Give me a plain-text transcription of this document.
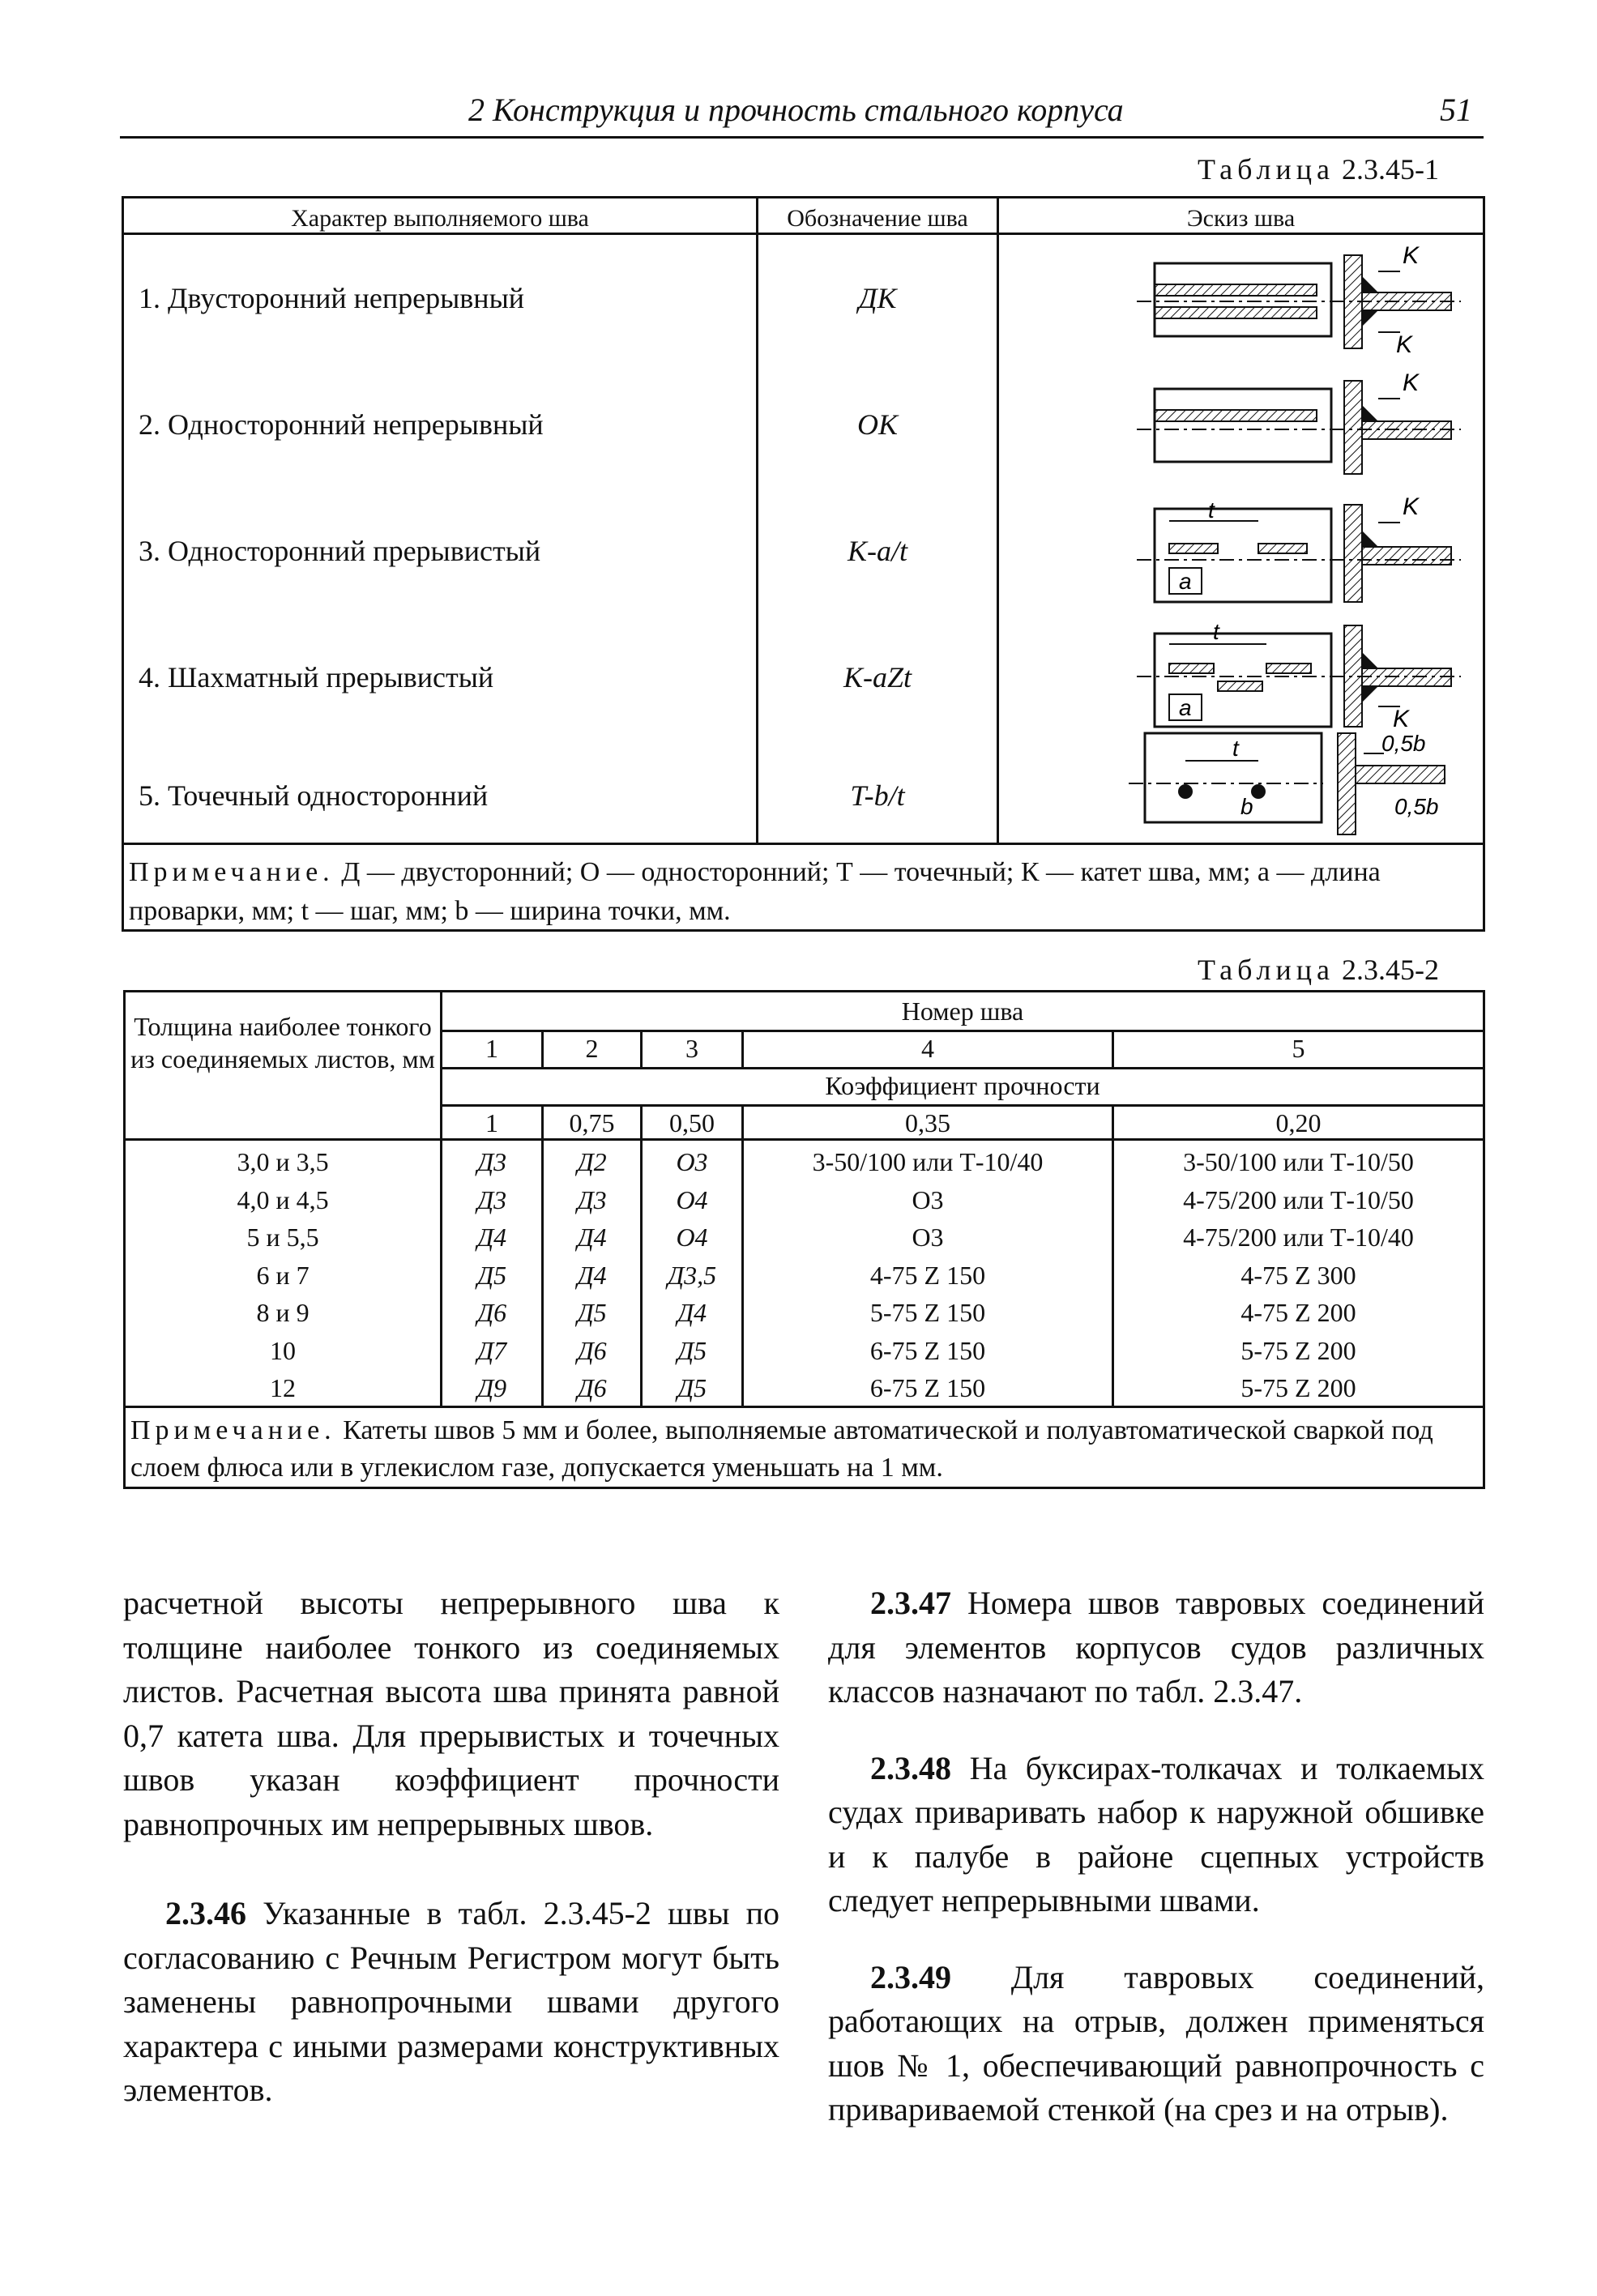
2 Конструкция и прочность стального корпуса	51
Таблица 2.3.45-1
Характер выполняемого шва	Обозначение шва	Эскиз шва
1. Двусторонний непрерывный	ДК
2. Односторонний непрерывный	ОК
3. Односторонний прерывистый	K-a/t
4. Шахматный прерывистый	K-aZt
5. Точечный односторонний	T-b/t
K
K
K
t
a
K
t
a	K
t
b
0,5b
0,5b
Примечание. Д — двусторонний; О — односторонний; Т — точечный; К — катет шва, мм; a — длина проварки, мм; t — шаг, мм; b — ширина точки, мм.
Таблица 2.3.45-2
Толщина наиболее тонкого из соединяемых листов, мм
Номер шва
1	2	3	4	5
Коэффициент прочности
1	0,75	0,50	0,35	0,20
3,0 и 3,5	Д3	Д2	О3	3-50/100 или Т-10/40	3-50/100 или Т-10/50
4,0 и 4,5	Д3	Д3	О4	О3	4-75/200 или Т-10/50
5 и 5,5	Д4	Д4	О4	О3	4-75/200 или Т-10/40
6 и 7	Д5	Д4	Д3,5	4-75 Z 150	4-75 Z 300
8 и 9	Д6	Д5	Д4	5-75 Z 150	4-75 Z 200
10	Д7	Д6	Д5	6-75 Z 150	5-75 Z 200
12	Д9	Д6	Д5	6-75 Z 150	5-75 Z 200
Примечание. Катеты швов 5 мм и более, выполняемые автоматической и полуавтоматической сваркой под слоем флюса или в углекислом газе, допускается уменьшать на 1 мм.

расчетной высоты непрерывного шва к толщине наиболее тонкого из соединяемых листов. Расчетная высота шва принята равной 0,7 катета шва. Для прерывистых и точечных швов указан коэффициент прочности равнопрочных им непрерывных швов.

2.3.46 Указанные в табл. 2.3.45-2 швы по согласованию с Речным Регистром могут быть заменены равнопрочными швами другого характера с иными размерами конструктивных элементов.

2.3.47 Номера швов тавровых соединений для элементов корпусов судов различных классов назначают по табл. 2.3.47.

2.3.48 На буксирах-толкачах и толкаемых судах приваривать набор к наружной обшивке и к палубе в районе сцепных устройств следует непрерывными швами.

2.3.49 Для тавровых соединений, работающих на отрыв, должен применяться шов № 1, обеспечивающий равнопрочность с привариваемой стенкой (на срез и на отрыв).
